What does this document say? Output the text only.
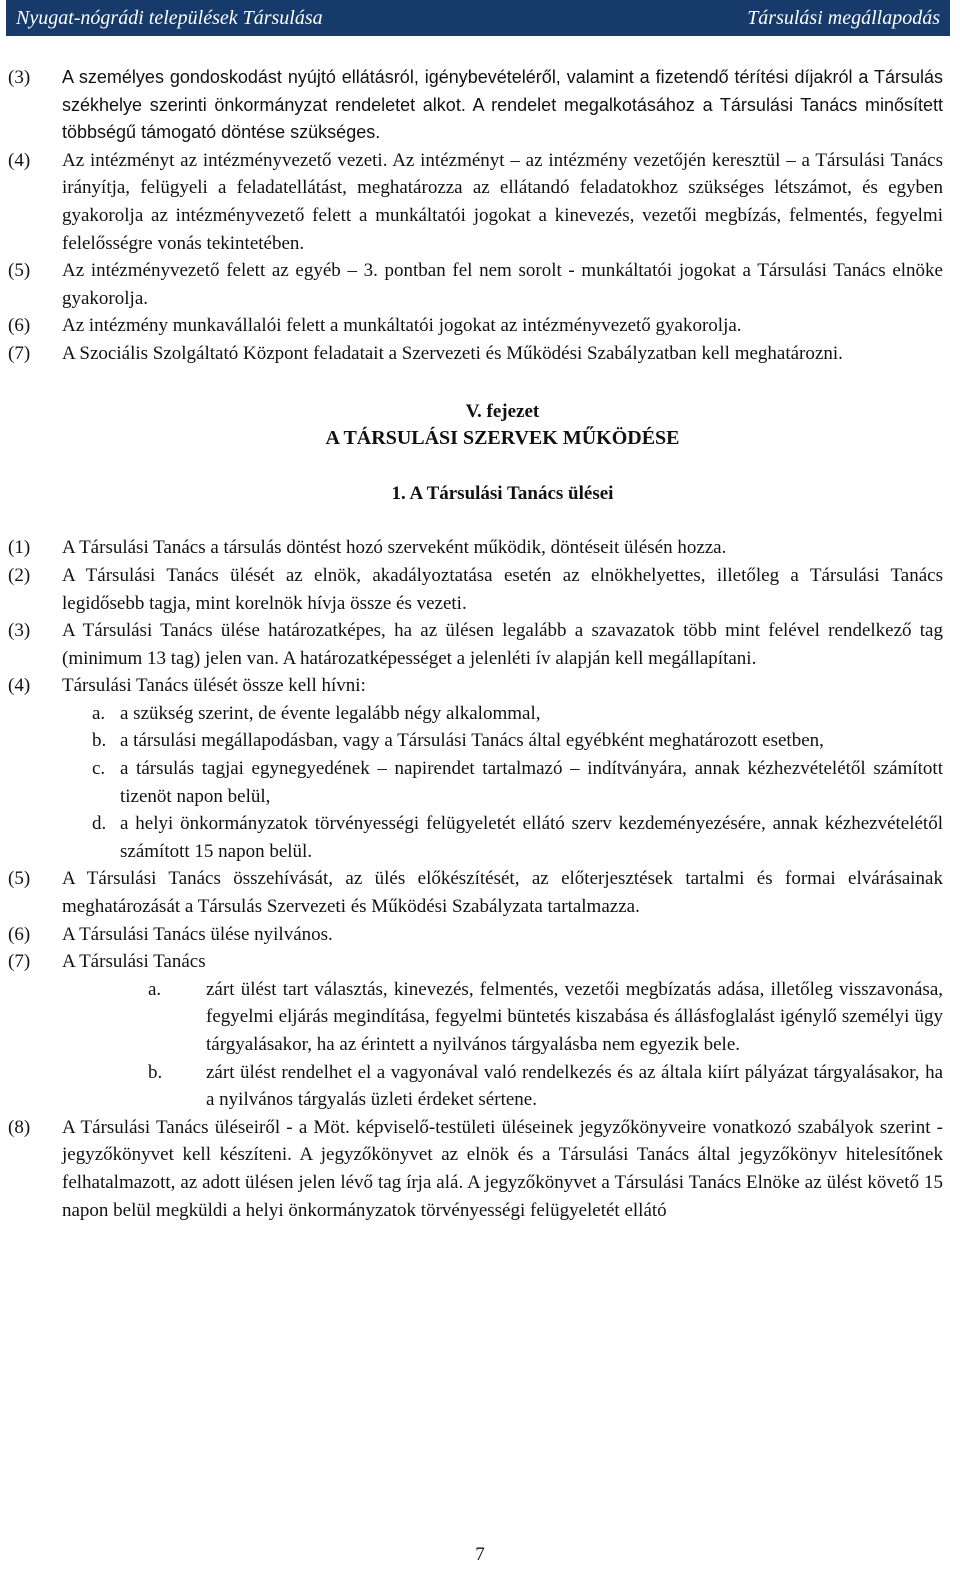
Nyugat-nógrádi települések Társulása	Társulási megállapodás
(3)	A személyes gondoskodást nyújtó ellátásról, igénybevételéről, valamint a fizetendő térítési díjakról a Társulás székhelye szerinti önkormányzat rendeletet alkot. A rendelet megalkotásához a Társulási Tanács minősített többségű támogató döntése szükséges.
(4)	Az intézményt az intézményvezető vezeti. Az intézményt – az intézmény vezetőjén keresztül – a Társulási Tanács irányítja, felügyeli a feladatellátást, meghatározza az ellátandó feladatokhoz szükséges létszámot, és egyben gyakorolja az intézményvezető felett a munkáltatói jogokat a kinevezés, vezetői megbízás, felmentés, fegyelmi felelősségre vonás tekintetében.
(5)	Az intézményvezető felett az egyéb – 3. pontban fel nem sorolt - munkáltatói jogokat a Társulási Tanács elnöke gyakorolja.
(6)	Az intézmény munkavállalói felett a munkáltatói jogokat az intézményvezető gyakorolja.
(7)	A Szociális Szolgáltató Központ feladatait a Szervezeti és Működési Szabályzatban kell meghatározni.
V. fejezet
A TÁRSULÁSI SZERVEK MŰKÖDÉSE
1. A Társulási Tanács ülései
(1)	A Társulási Tanács a társulás döntést hozó szerveként működik, döntéseit ülésén hozza.
(2)	A Társulási Tanács ülését az elnök, akadályoztatása esetén az elnökhelyettes, illetőleg a Társulási Tanács legidősebb tagja, mint korelnök hívja össze és vezeti.
(3)	A Társulási Tanács ülése határozatképes, ha az ülésen legalább a szavazatok több mint felével rendelkező tag (minimum 13 tag) jelen van. A határozatképességet a jelenléti ív alapján kell megállapítani.
(4)	Társulási Tanács ülését össze kell hívni:
a. a szükség szerint, de évente legalább négy alkalommal,
b. a társulási megállapodásban, vagy a Társulási Tanács által egyébként meghatározott esetben,
c. a társulás tagjai egynegyedének – napirendet tartalmazó – indítványára, annak kézhezvételétől számított tizenöt napon belül,
d. a helyi önkormányzatok törvényességi felügyeletét ellátó szerv kezdeményezésére, annak kézhezvételétől számított 15 napon belül.
(5)	A Társulási Tanács összehívását, az ülés előkészítését, az előterjesztések tartalmi és formai elvárásainak meghatározását a Társulás Szervezeti és Működési Szabályzata tartalmazza.
(6)	A Társulási Tanács ülése nyilvános.
(7)	A Társulási Tanács
a.	zárt ülést tart választás, kinevezés, felmentés, vezetői megbízatás adása, illetőleg visszavonása, fegyelmi eljárás megindítása, fegyelmi büntetés kiszabása és állásfoglalást igénylő személyi ügy tárgyalásakor, ha az érintett a nyilvános tárgyalásba nem egyezik bele.
b.	zárt ülést rendelhet el a vagyonával való rendelkezés és az általa kiírt pályázat tárgyalásakor, ha a nyilvános tárgyalás üzleti érdeket sértene.
(8)	A Társulási Tanács üléseiről - a Möt. képviselő-testületi üléseinek jegyzőkönyveire vonatkozó szabályok szerint - jegyzőkönyvet kell készíteni. A jegyzőkönyvet az elnök és a Társulási Tanács által jegyzőkönyv hitelesítőnek felhatalmazott, az adott ülésen jelen lévő tag írja alá. A jegyzőkönyvet a Társulási Tanács Elnöke az ülést követő 15 napon belül megküldi a helyi önkormányzatok törvényességi felügyeletét ellátó
7
